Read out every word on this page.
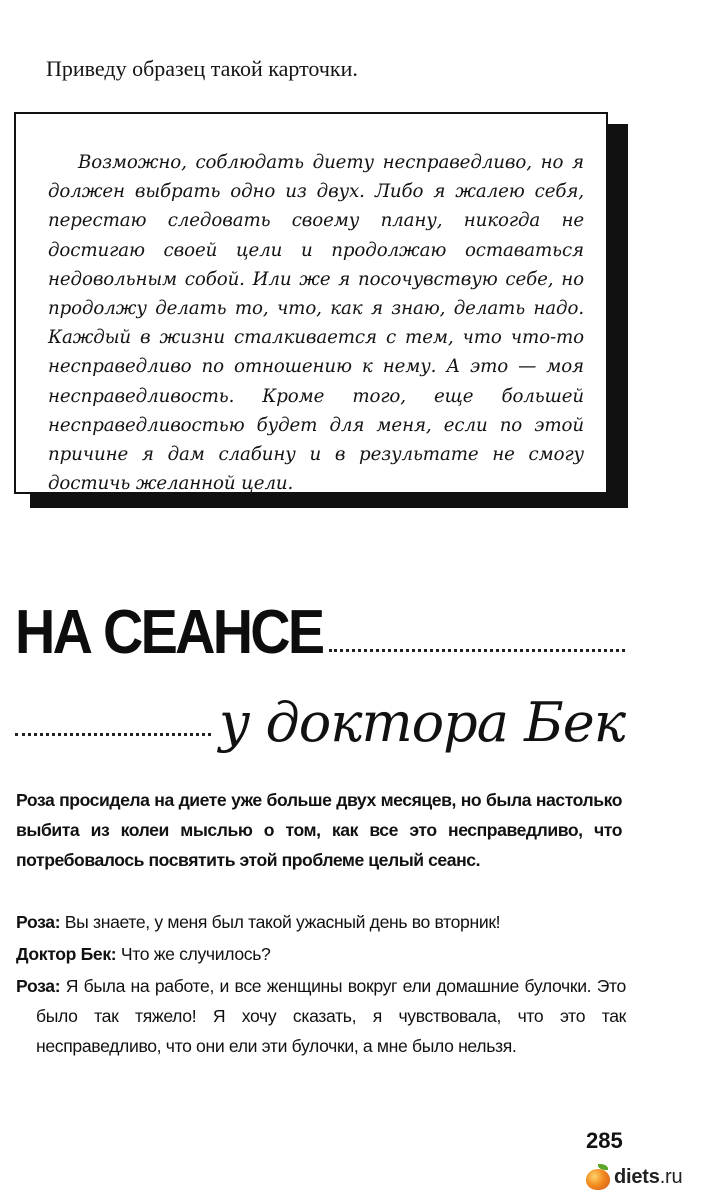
Приведу образец такой карточки.
Возможно, соблюдать диету несправедливо, но я должен выбрать одно из двух. Либо я жалею себя, перестаю следовать своему плану, никогда не достигаю своей цели и продолжаю оставаться недовольным собой. Или же я посочувствую себе, но продолжу делать то, что, как я знаю, делать надо. Каждый в жизни сталкивается с тем, что что-то несправедливо по отношению к нему. А это — моя несправедливость. Кроме того, еще большей несправедливостью будет для меня, если по этой причине я дам слабину и в результате не смогу достичь желанной цели.
НА СЕАНСЕ
у доктора Бек
Роза просидела на диете уже больше двух месяцев, но была настолько выбита из колеи мыслью о том, как все это несправедливо, что потребовалось посвятить этой проблеме целый сеанс.

Роза: Вы знаете, у меня был такой ужасный день во вторник!

Доктор Бек: Что же случилось?

Роза: Я была на работе, и все женщины вокруг ели домашние булочки. Это было так тяжело! Я хочу сказать, я чувствовала, что это так несправедливо, что они ели эти булочки, а мне было нельзя.

285
diets.ru
